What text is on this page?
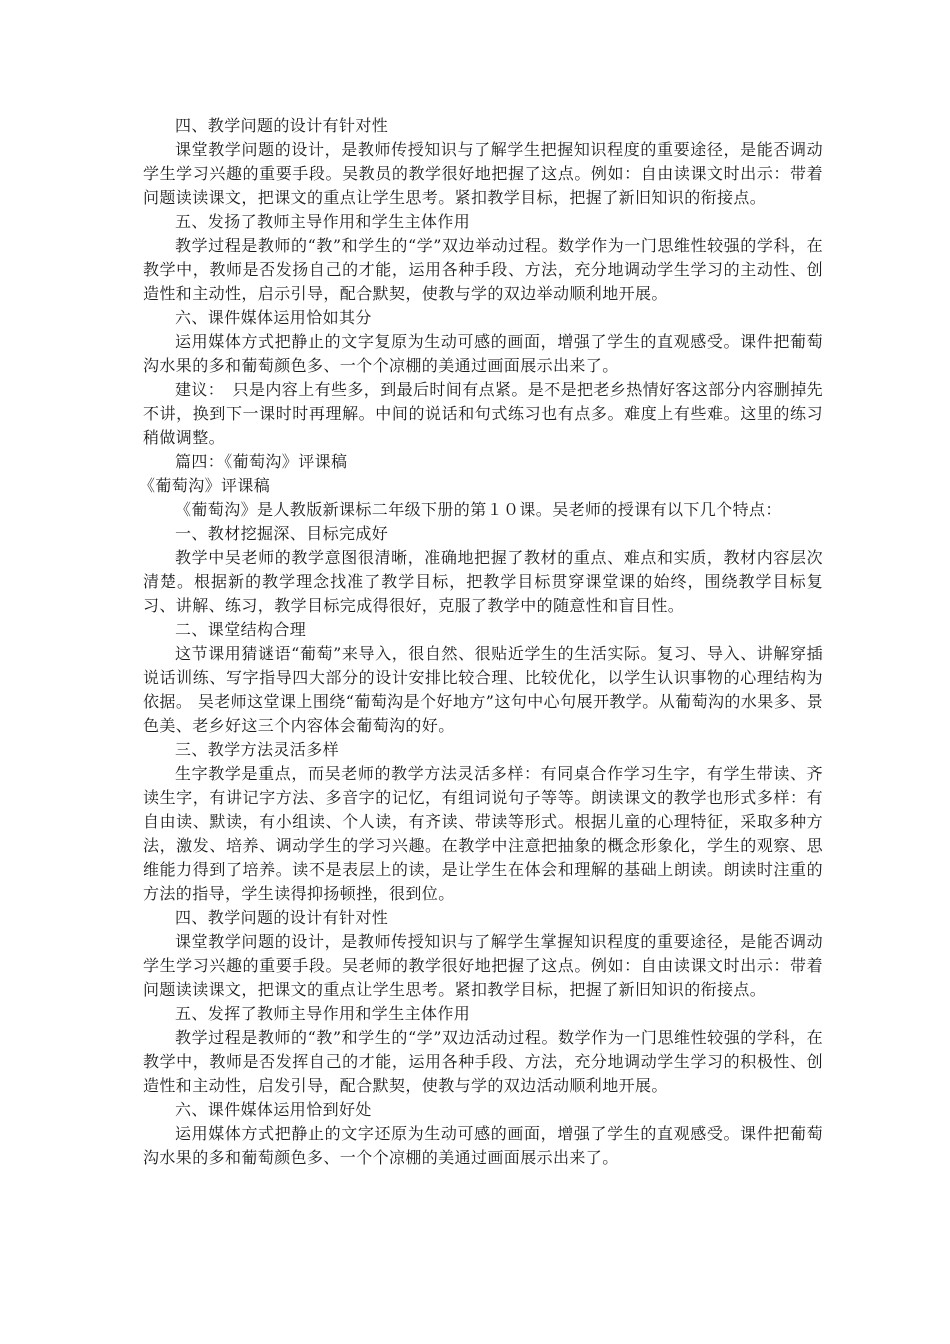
四、教学问题的设计有针对性

课堂教学问题的设计，是教师传授知识与了解学生把握知识程度的重要途径，是能否调动学生学习兴趣的重要手段。吴教员的教学很好地把握了这点。例如：自由读课文时出示：带着问题读读课文，把课文的重点让学生思考。紧扣教学目标，把握了新旧知识的衔接点。

五、发扬了教师主导作用和学生主体作用

教学过程是教师的“教”和学生的“学”双边举动过程。数学作为一门思维性较强的学科，在教学中，教师是否发扬自己的才能，运用各种手段、方法，充分地调动学生学习的主动性、创造性和主动性，启示引导，配合默契，使教与学的双边举动顺利地开展。

六、课件媒体运用恰如其分

运用媒体方式把静止的文字复原为生动可感的画面，增强了学生的直观感受。课件把葡萄沟水果的多和葡萄颜色多、一个个凉棚的美通过画面展示出来了。

建议：　只是内容上有些多，到最后时间有点紧。是不是把老乡热情好客这部分内容删掉先不讲，换到下一课时时再理解。中间的说话和句式练习也有点多。难度上有些难。这里的练习稍做调整。

篇四：《葡萄沟》评课稿

《葡萄沟》评课稿

《葡萄沟》是人教版新课标二年级下册的第１０课。吴老师的授课有以下几个特点：

一、教材挖掘深、目标完成好

教学中吴老师的教学意图很清晰，准确地把握了教材的重点、难点和实质，教材内容层次清楚。根据新的教学理念找准了教学目标，把教学目标贯穿课堂课的始终，围绕教学目标复习、讲解、练习，教学目标完成得很好，克服了教学中的随意性和盲目性。

二、课堂结构合理

这节课用猜谜语“葡萄”来导入，很自然、很贴近学生的生活实际。复习、导入、讲解穿插说话训练、写字指导四大部分的设计安排比较合理、比较优化，以学生认识事物的心理结构为依据。 吴老师这堂课上围绕“葡萄沟是个好地方”这句中心句展开教学。从葡萄沟的水果多、景色美、老乡好这三个内容体会葡萄沟的好。

三、教学方法灵活多样

生字教学是重点，而吴老师的教学方法灵活多样：有同桌合作学习生字，有学生带读、齐读生字，有讲记字方法、多音字的记忆，有组词说句子等等。朗读课文的教学也形式多样：有自由读、默读，有小组读、个人读，有齐读、带读等形式。根据儿童的心理特征，采取多种方法，激发、培养、调动学生的学习兴趣。在教学中注意把抽象的概念形象化，学生的观察、思维能力得到了培养。读不是表层上的读，是让学生在体会和理解的基础上朗读。朗读时注重的方法的指导，学生读得抑扬顿挫，很到位。

四、教学问题的设计有针对性

课堂教学问题的设计，是教师传授知识与了解学生掌握知识程度的重要途径，是能否调动学生学习兴趣的重要手段。吴老师的教学很好地把握了这点。例如：自由读课文时出示：带着问题读读课文，把课文的重点让学生思考。紧扣教学目标，把握了新旧知识的衔接点。

五、发挥了教师主导作用和学生主体作用

教学过程是教师的“教”和学生的“学”双边活动过程。数学作为一门思维性较强的学科，在教学中，教师是否发挥自己的才能，运用各种手段、方法，充分地调动学生学习的积极性、创造性和主动性，启发引导，配合默契，使教与学的双边活动顺利地开展。

六、课件媒体运用恰到好处

运用媒体方式把静止的文字还原为生动可感的画面，增强了学生的直观感受。课件把葡萄沟水果的多和葡萄颜色多、一个个凉棚的美通过画面展示出来了。
